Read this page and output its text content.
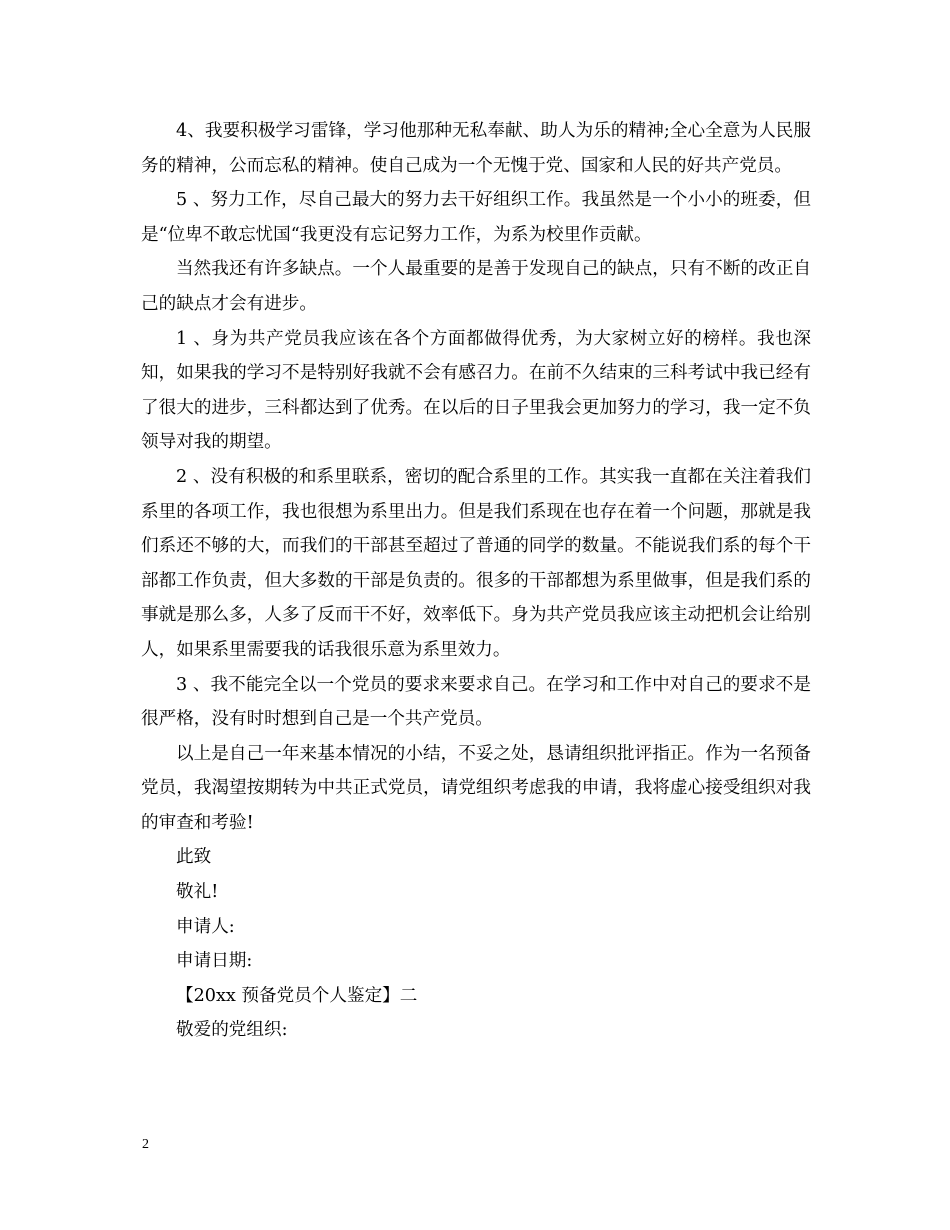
4、我要积极学习雷锋，学习他那种无私奉献、助人为乐的精神;全心全意为人民服务的精神，公而忘私的精神。使自己成为一个无愧于党、国家和人民的好共产党员。

5 、努力工作，尽自己最大的努力去干好组织工作。我虽然是一个小小的班委，但是“位卑不敢忘忧国“我更没有忘记努力工作，为系为校里作贡献。

当然我还有许多缺点。一个人最重要的是善于发现自己的缺点，只有不断的改正自己的缺点才会有进步。

1 、身为共产党员我应该在各个方面都做得优秀，为大家树立好的榜样。我也深知，如果我的学习不是特别好我就不会有感召力。在前不久结束的三科考试中我已经有了很大的进步，三科都达到了优秀。在以后的日子里我会更加努力的学习，我一定不负领导对我的期望。

2 、没有积极的和系里联系，密切的配合系里的工作。其实我一直都在关注着我们系里的各项工作，我也很想为系里出力。但是我们系现在也存在着一个问题，那就是我们系还不够的大，而我们的干部甚至超过了普通的同学的数量。不能说我们系的每个干部都工作负责，但大多数的干部是负责的。很多的干部都想为系里做事，但是我们系的事就是那么多，人多了反而干不好，效率低下。身为共产党员我应该主动把机会让给别人，如果系里需要我的话我很乐意为系里效力。

3 、我不能完全以一个党员的要求来要求自己。在学习和工作中对自己的要求不是很严格，没有时时想到自己是一个共产党员。

以上是自己一年来基本情况的小结，不妥之处，恳请组织批评指正。作为一名预备党员，我渴望按期转为中共正式党员，请党组织考虑我的申请，我将虚心接受组织对我的审查和考验!

此致

敬礼!

申请人:

申请日期:

【20xx 预备党员个人鉴定】二

敬爱的党组织:

2
